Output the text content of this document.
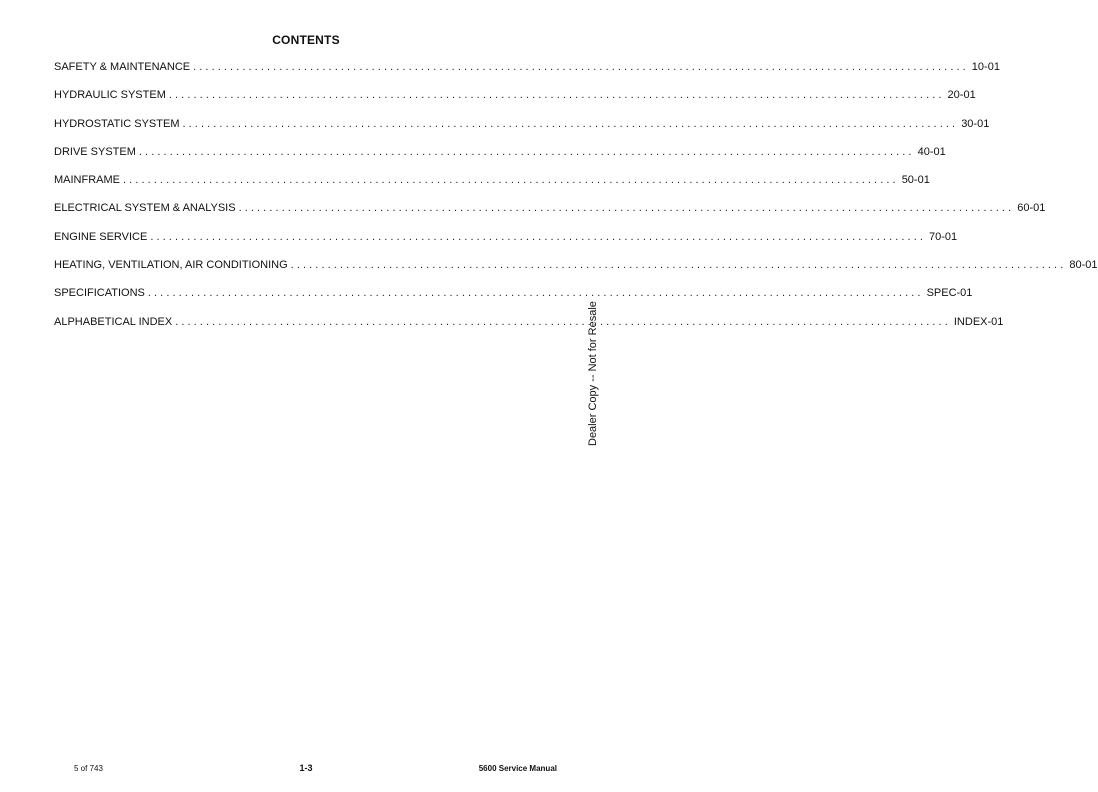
CONTENTS
SAFETY & MAINTENANCE .............................................................................................................................. 10-01
HYDRAULIC SYSTEM .............................................................................................................................. 20-01
HYDROSTATIC SYSTEM .............................................................................................................................. 30-01
DRIVE SYSTEM .............................................................................................................................. 40-01
MAINFRAME .............................................................................................................................. 50-01
ELECTRICAL SYSTEM & ANALYSIS .............................................................................................................................. 60-01
ENGINE SERVICE .............................................................................................................................. 70-01
HEATING, VENTILATION, AIR CONDITIONING .............................................................................................................................. 80-01
SPECIFICATIONS .............................................................................................................................. SPEC-01
ALPHABETICAL INDEX .............................................................................................................................. INDEX-01
Dealer Copy -- Not for Resale
5 of 743	1-3	5600 Service Manual
